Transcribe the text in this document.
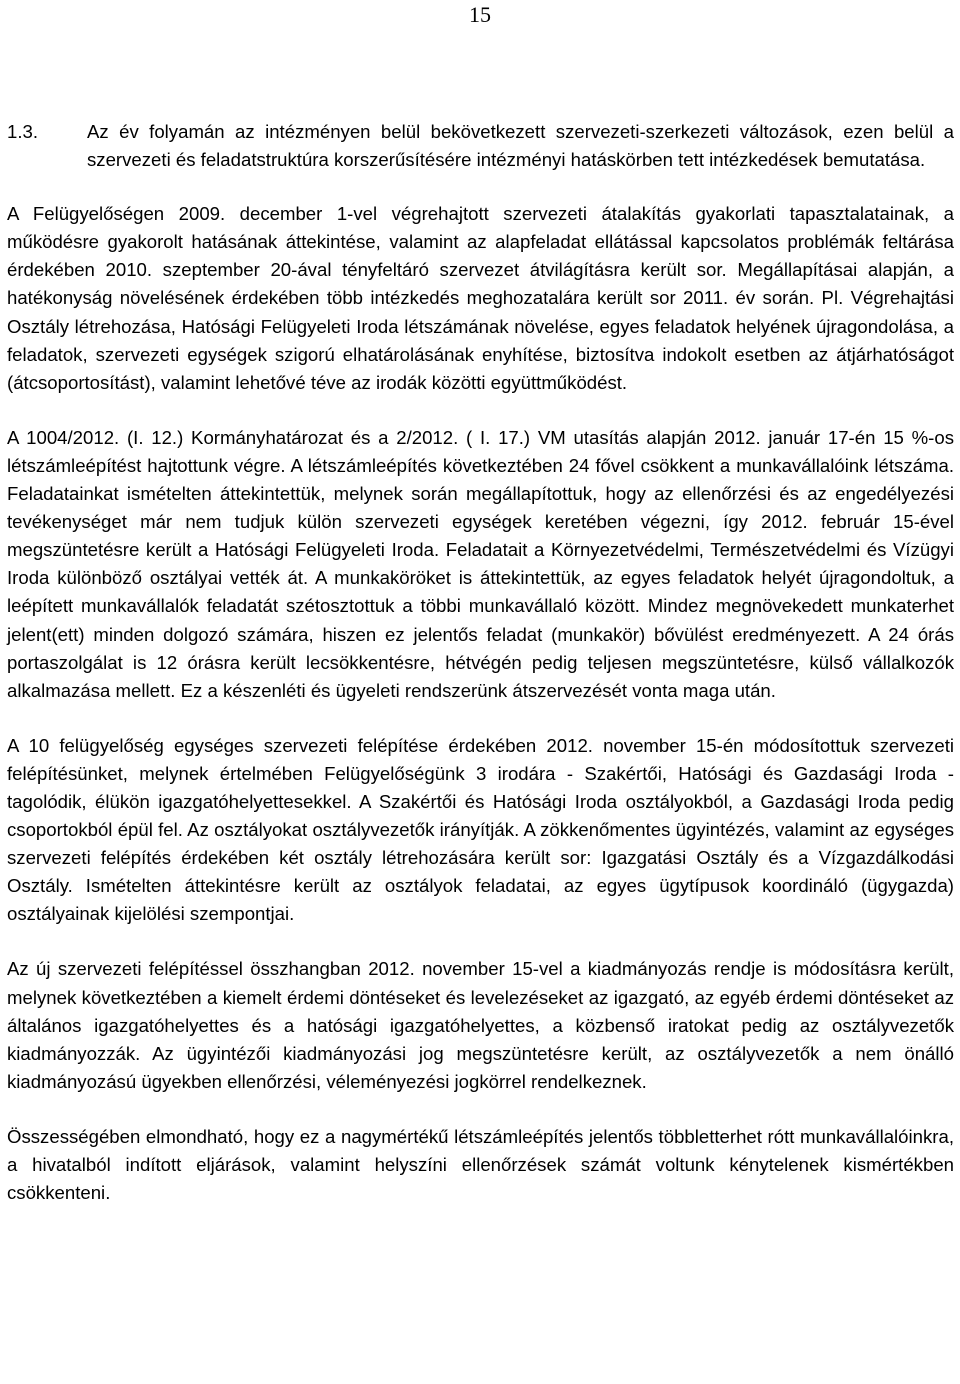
15
1.3.	Az év folyamán az intézményen belül bekövetkezett szervezeti-szerkezeti változások, ezen belül a szervezeti és feladatstruktúra korszerűsítésére intézményi hatáskörben tett intézkedések bemutatása.

A Felügyelőségen 2009. december 1-vel végrehajtott szervezeti átalakítás gyakorlati tapasztalatainak, a működésre gyakorolt hatásának áttekintése, valamint az alapfeladat ellátással kapcsolatos problémák feltárása érdekében 2010. szeptember 20-ával tényfeltáró szervezet átvilágításra került sor. Megállapításai alapján, a hatékonyság növelésének érdekében több intézkedés meghozatalára került sor 2011. év során. Pl. Végrehajtási Osztály létrehozása, Hatósági Felügyeleti Iroda létszámának növelése, egyes feladatok helyének újragondolása, a feladatok, szervezeti egységek szigorú elhatárolásának enyhítése, biztosítva indokolt esetben az átjárhatóságot (átcsoportosítást), valamint lehetővé téve az irodák közötti együttműködést.

A 1004/2012. (I. 12.) Kormányhatározat és a 2/2012. ( I. 17.) VM utasítás alapján 2012. január 17-én 15 %-os létszámleépítést hajtottunk végre. A létszámleépítés következtében 24 fővel csökkent a munkavállalóink létszáma. Feladatainkat ismételten áttekintettük, melynek során megállapítottuk, hogy az ellenőrzési és az engedélyezési tevékenységet már nem tudjuk külön szervezeti egységek keretében végezni, így 2012. február 15-ével megszüntetésre került a Hatósági Felügyeleti Iroda. Feladatait a Környezetvédelmi, Természetvédelmi és Vízügyi Iroda különböző osztályai vették át. A munkaköröket is áttekintettük, az egyes feladatok helyét újragondoltuk, a leépített munkavállalók feladatát szétosztottuk a többi munkavállaló között. Mindez megnövekedett munkaterhet jelent(ett) minden dolgozó számára, hiszen ez jelentős feladat (munkakör) bővülést eredményezett. A 24 órás portaszolgálat is 12 órásra került lecsökkentésre, hétvégén pedig teljesen megszüntetésre, külső vállalkozók alkalmazása mellett. Ez a készenléti és ügyeleti rendszerünk átszervezését vonta maga után.

A 10 felügyelőség egységes szervezeti felépítése érdekében 2012. november 15-én módosítottuk szervezeti felépítésünket, melynek értelmében Felügyelőségünk 3 irodára - Szakértői, Hatósági és Gazdasági Iroda - tagolódik, élükön igazgatóhelyettesekkel. A Szakértői és Hatósági Iroda osztályokból, a Gazdasági Iroda pedig csoportokból épül fel. Az osztályokat osztályvezetők irányítják. A zökkenőmentes ügyintézés, valamint az egységes szervezeti felépítés érdekében két osztály létrehozására került sor: Igazgatási Osztály és a Vízgazdálkodási Osztály. Ismételten áttekintésre került az osztályok feladatai, az egyes ügytípusok koordináló (ügygazda) osztályainak kijelölési szempontjai.

Az új szervezeti felépítéssel összhangban 2012. november 15-vel a kiadmányozás rendje is módosításra került, melynek következtében a kiemelt érdemi döntéseket és levelezéseket az igazgató, az egyéb érdemi döntéseket az általános igazgatóhelyettes és a hatósági igazgatóhelyettes, a közbenső iratokat pedig az osztályvezetők kiadmányozzák. Az ügyintézői kiadmányozási jog megszüntetésre került, az osztályvezetők a nem önálló kiadmányozású ügyekben ellenőrzési, véleményezési jogkörrel rendelkeznek.

Összességében elmondható, hogy ez a nagymértékű létszámleépítés jelentős többletterhet rótt munkavállalóinkra, a hivatalból indított eljárások, valamint helyszíni ellenőrzések számát voltunk kénytelenek kismértékben csökkenteni.
